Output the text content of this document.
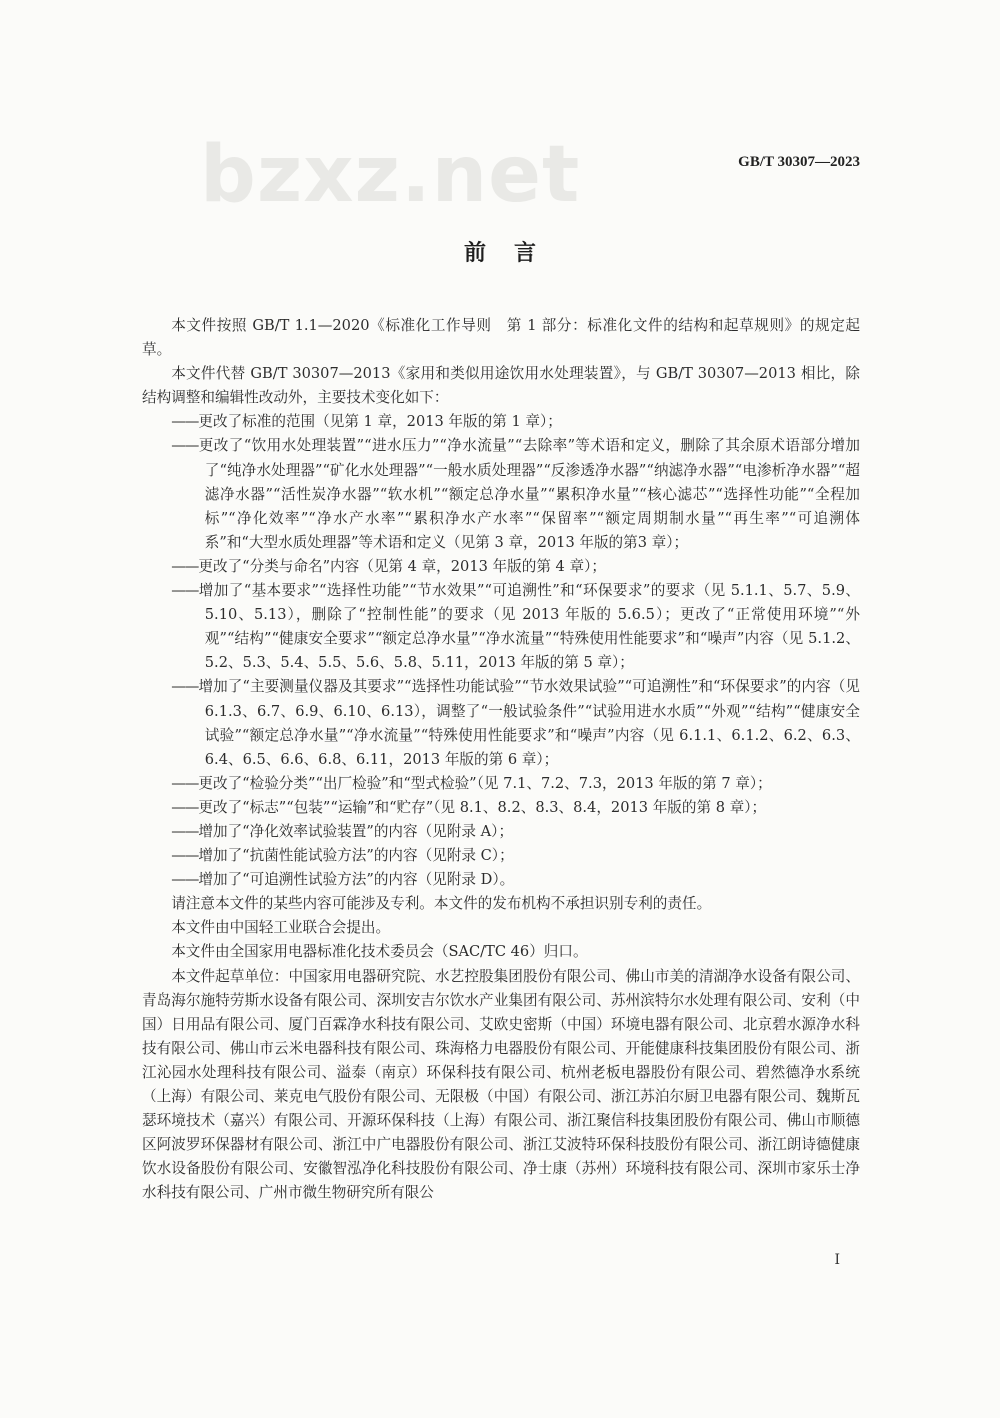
bzxz.net	GB/T 30307—2023
前言

本文件按照 GB/T 1.1—2020《标准化工作导则　第 1 部分：标准化文件的结构和起草规则》的规定起草。

本文件代替 GB/T 30307—2013《家用和类似用途饮用水处理装置》，与 GB/T 30307—2013 相比，除结构调整和编辑性改动外，主要技术变化如下：

——更改了标准的范围（见第 1 章，2013 年版的第 1 章）；

——更改了“饮用水处理装置”“进水压力”“净水流量”“去除率”等术语和定义，删除了其余原术语部分增加了“纯净水处理器”“矿化水处理器”“一般水质处理器”“反渗透净水器”“纳滤净水器”“电渗析净水器”“超滤净水器”“活性炭净水器”“软水机”“额定总净水量”“累积净水量”“核心滤芯”“选择性功能”“全程加标”“净化效率”“净水产水率”“累积净水产水率”“保留率”“额定周期制水量”“再生率”“可追溯体系”和“大型水质处理器”等术语和定义（见第 3 章，2013 年版的第3 章）；

——更改了“分类与命名”内容（见第 4 章，2013 年版的第 4 章）；

——增加了“基本要求”“选择性功能”“节水效果”“可追溯性”和“环保要求”的要求（见 5.1.1、5.7、5.9、5.10、5.13），删除了“控制性能”的要求（见 2013 年版的 5.6.5）；更改了“正常使用环境”“外观”“结构”“健康安全要求”“额定总净水量”“净水流量”“特殊使用性能要求”和“噪声”内容（见 5.1.2、5.2、5.3、5.4、5.5、5.6、5.8、5.11，2013 年版的第 5 章）；

——增加了“主要测量仪器及其要求”“选择性功能试验”“节水效果试验”“可追溯性”和“环保要求”的内容（见 6.1.3、6.7、6.9、6.10、6.13），调整了“一般试验条件”“试验用进水水质”“外观”“结构”“健康安全试验”“额定总净水量”“净水流量”“特殊使用性能要求”和“噪声”内容（见 6.1.1、6.1.2、6.2、6.3、6.4、6.5、6.6、6.8、6.11，2013 年版的第 6 章）；

——更改了“检验分类”“出厂检验”和“型式检验”（见 7.1、7.2、7.3，2013 年版的第 7 章）；

——更改了“标志”“包装”“运输”和“贮存”（见 8.1、8.2、8.3、8.4，2013 年版的第 8 章）；

——增加了“净化效率试验装置”的内容（见附录 A）；

——增加了“抗菌性能试验方法”的内容（见附录 C）；

——增加了“可追溯性试验方法”的内容（见附录 D）。

请注意本文件的某些内容可能涉及专利。本文件的发布机构不承担识别专利的责任。

本文件由中国轻工业联合会提出。

本文件由全国家用电器标准化技术委员会（SAC/TC 46）归口。

本文件起草单位：中国家用电器研究院、水艺控股集团股份有限公司、佛山市美的清湖净水设备有限公司、青岛海尔施特劳斯水设备有限公司、深圳安吉尔饮水产业集团有限公司、苏州滨特尔水处理有限公司、安利（中国）日用品有限公司、厦门百霖净水科技有限公司、艾欧史密斯（中国）环境电器有限公司、北京碧水源净水科技有限公司、佛山市云米电器科技有限公司、珠海格力电器股份有限公司、开能健康科技集团股份有限公司、浙江沁园水处理科技有限公司、溢泰（南京）环保科技有限公司、杭州老板电器股份有限公司、碧然德净水系统（上海）有限公司、莱克电气股份有限公司、无限极（中国）有限公司、浙江苏泊尔厨卫电器有限公司、魏斯瓦瑟环境技术（嘉兴）有限公司、开源环保科技（上海）有限公司、浙江聚信科技集团股份有限公司、佛山市顺德区阿波罗环保器材有限公司、浙江中广电器股份有限公司、浙江艾波特环保科技股份有限公司、浙江朗诗德健康饮水设备股份有限公司、安徽智泓净化科技股份有限公司、净士康（苏州）环境科技有限公司、深圳市家乐士净水科技有限公司、广州市微生物研究所有限公

I
